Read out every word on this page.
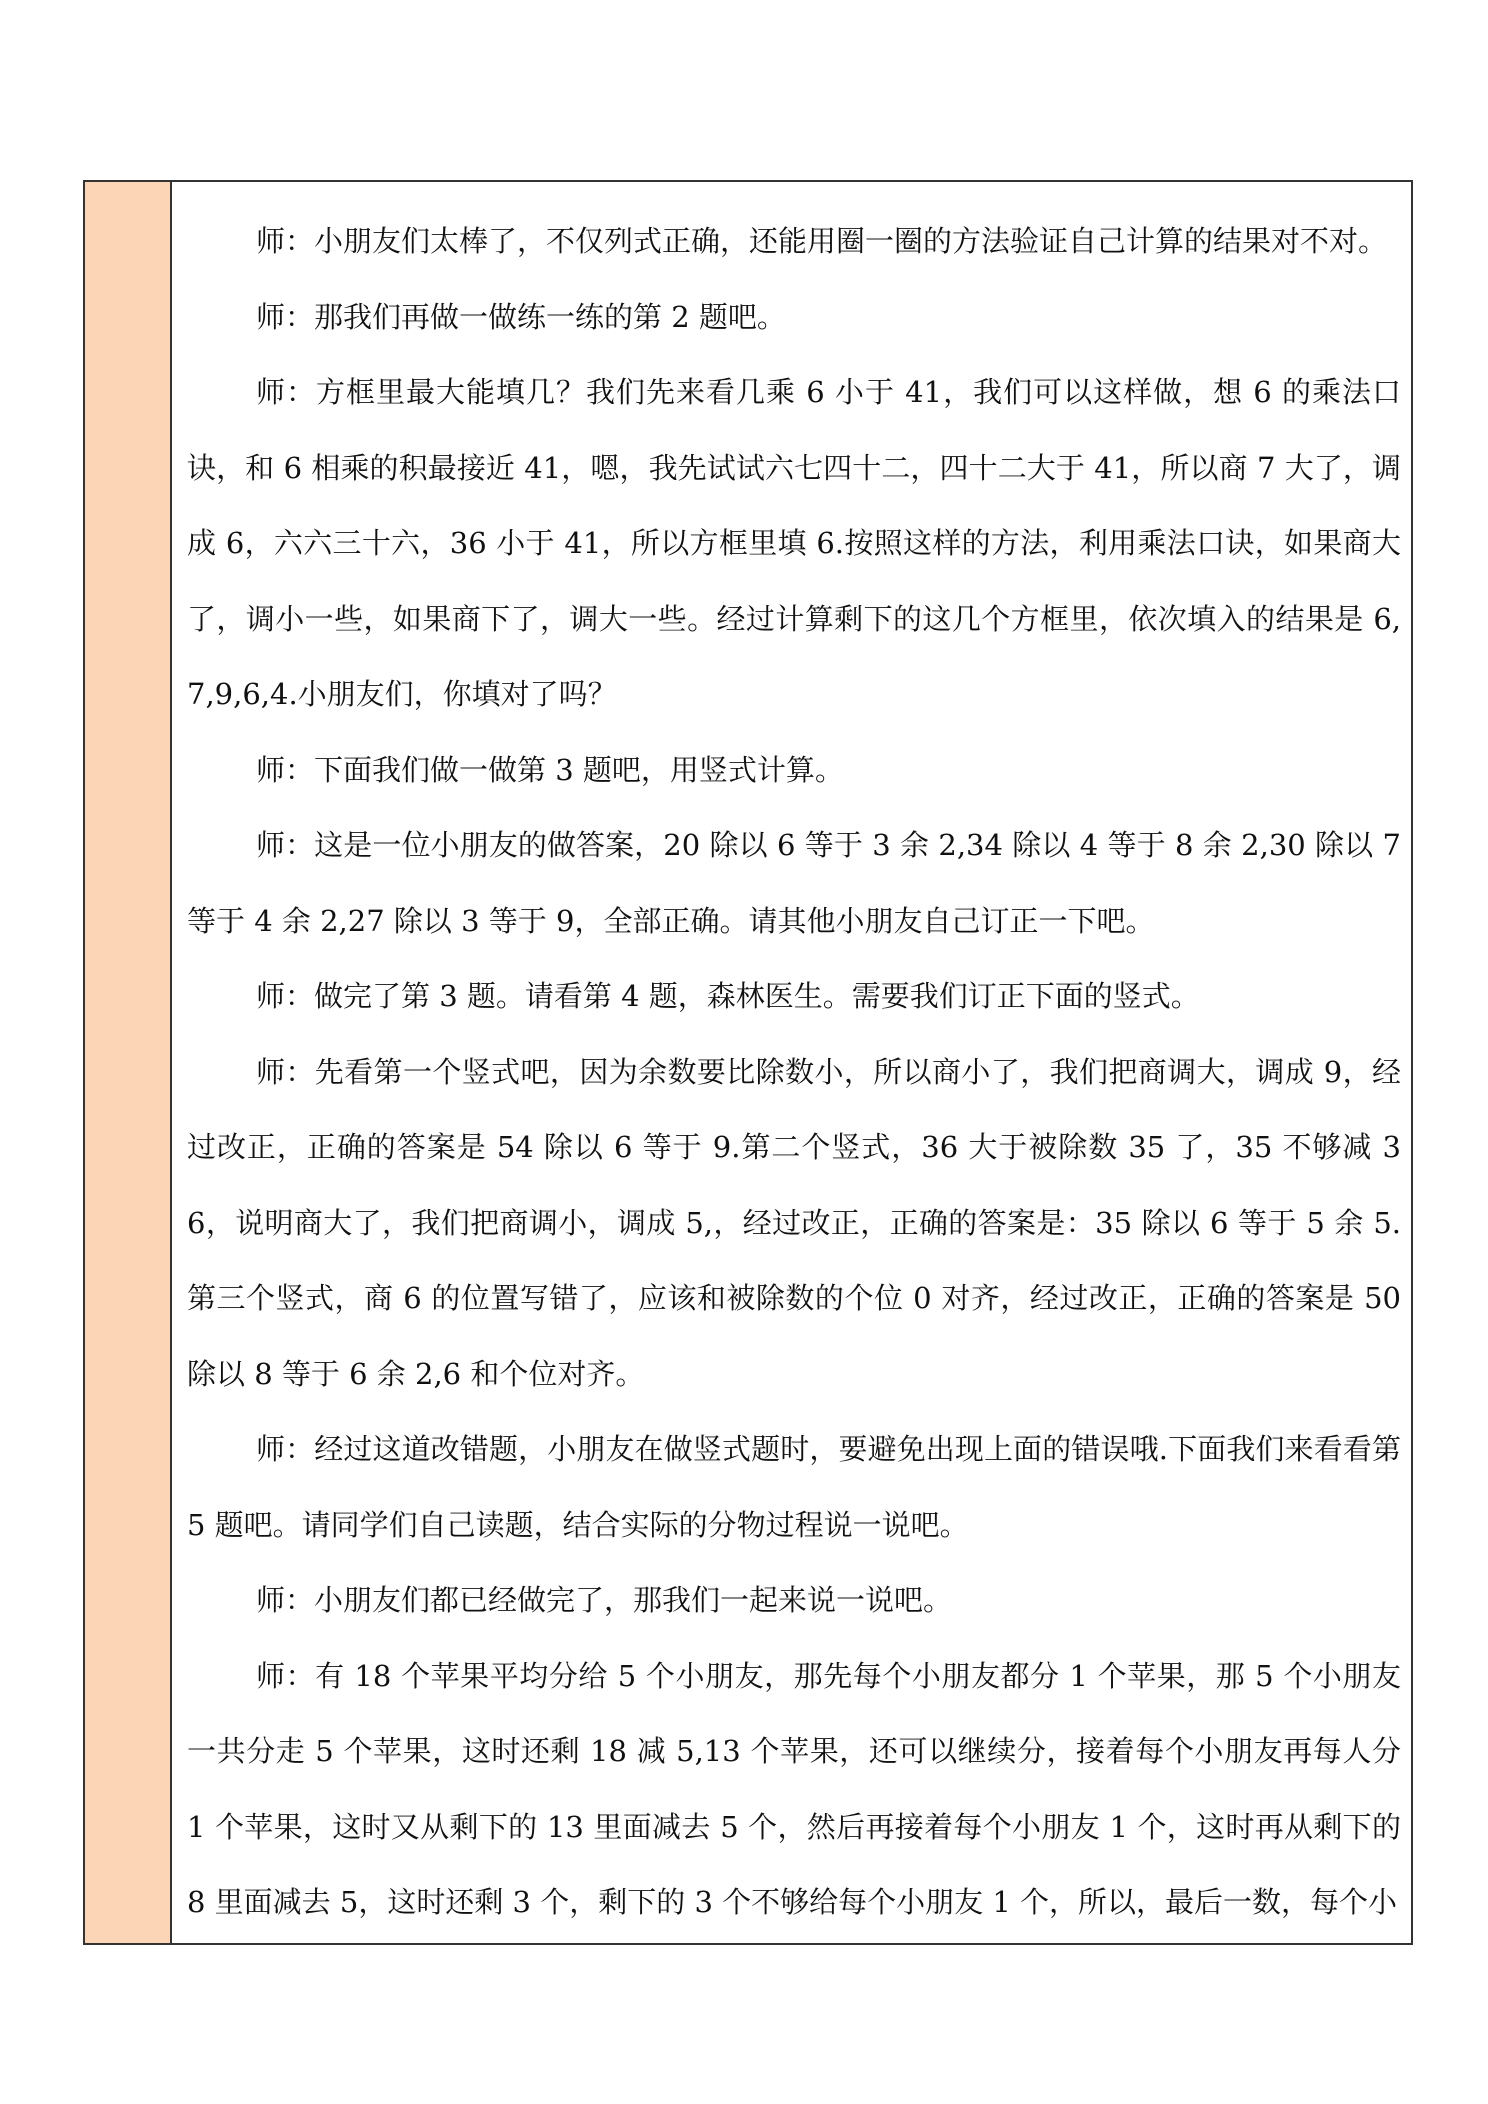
师：小朋友们太棒了，不仅列式正确，还能用圈一圈的方法验证自己计算的结果对不对。

师：那我们再做一做练一练的第 2 题吧。

师：方框里最大能填几？我们先来看几乘 6 小于 41，我们可以这样做，想 6 的乘法口诀，和 6 相乘的积最接近 41，嗯，我先试试六七四十二，四十二大于 41，所以商 7 大了，调成 6，六六三十六，36 小于 41，所以方框里填 6.按照这样的方法，利用乘法口诀，如果商大了，调小一些，如果商下了，调大一些。经过计算剩下的这几个方框里，依次填入的结果是 6,7,9,6,4.小朋友们，你填对了吗？

师：下面我们做一做第 3 题吧，用竖式计算。

师：这是一位小朋友的做答案，20 除以 6 等于 3 余 2,34 除以 4 等于 8 余 2,30 除以 7 等于 4 余 2,27 除以 3 等于 9，全部正确。请其他小朋友自己订正一下吧。

师：做完了第 3 题。请看第 4 题，森林医生。需要我们订正下面的竖式。

师：先看第一个竖式吧，因为余数要比除数小，所以商小了，我们把商调大，调成 9，经过改正，正确的答案是 54 除以 6 等于 9.第二个竖式，36 大于被除数 35 了，35 不够减 36，说明商大了，我们把商调小，调成 5,，经过改正，正确的答案是：35 除以 6 等于 5 余 5.第三个竖式，商 6 的位置写错了，应该和被除数的个位 0 对齐，经过改正，正确的答案是 50 除以 8 等于 6 余 2,6 和个位对齐。

师：经过这道改错题，小朋友在做竖式题时，要避免出现上面的错误哦.下面我们来看看第 5 题吧。请同学们自己读题，结合实际的分物过程说一说吧。

师：小朋友们都已经做完了，那我们一起来说一说吧。

师：有 18 个苹果平均分给 5 个小朋友，那先每个小朋友都分 1 个苹果，那 5 个小朋友一共分走 5 个苹果，这时还剩 18 减 5,13 个苹果，还可以继续分，接着每个小朋友再每人分 1 个苹果，这时又从剩下的 13 里面减去 5 个，然后再接着每个小朋友 1 个，这时再从剩下的 8 里面减去 5，这时还剩 3 个，剩下的 3 个不够给每个小朋友 1 个，所以，最后一数，每个小
